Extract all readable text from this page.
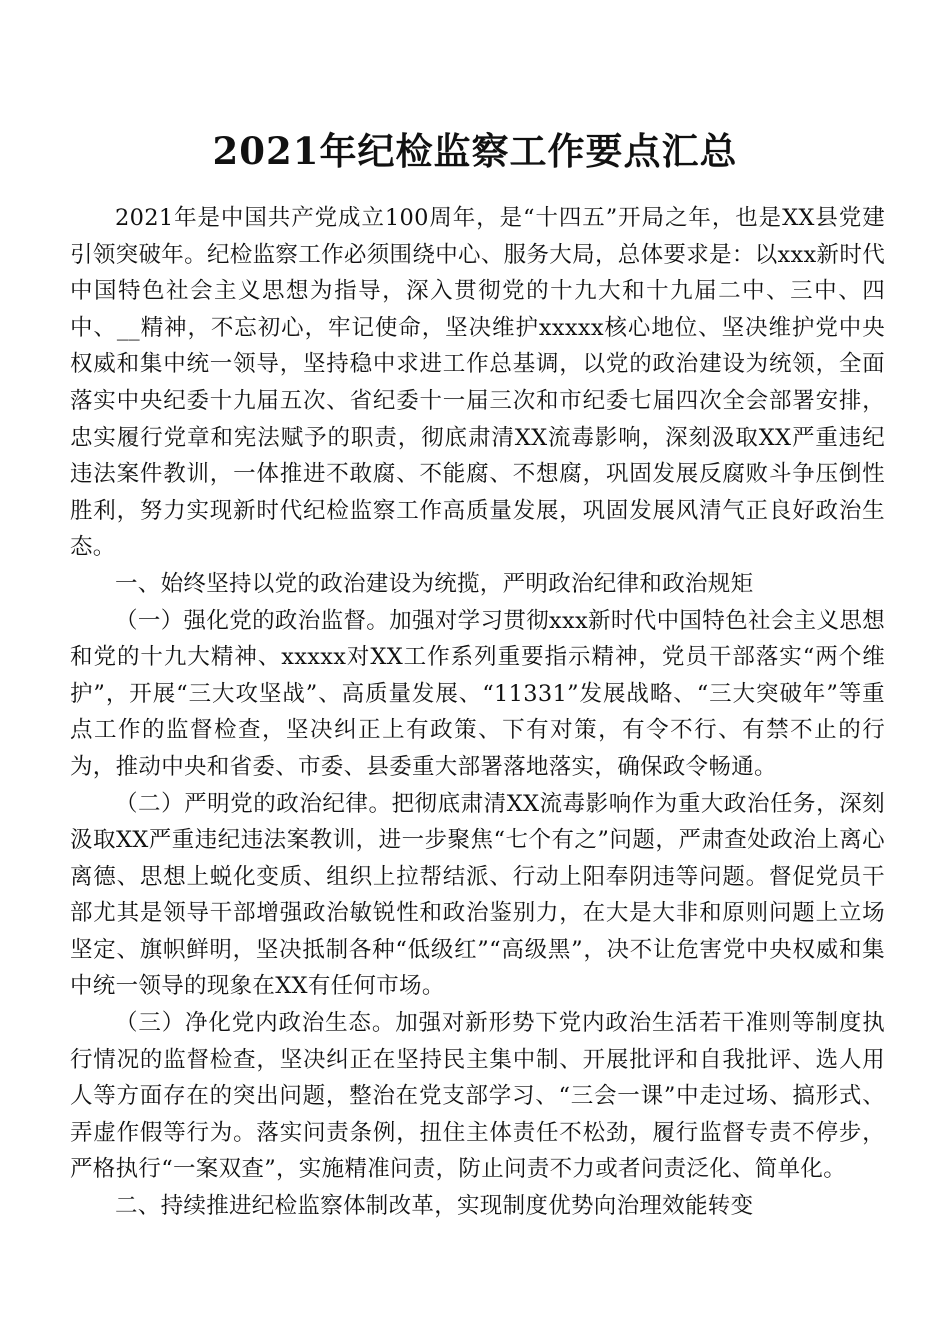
2021年纪检监察工作要点汇总

2021年是中国共产党成立100周年，是“十四五”开局之年，也是XX县党建引领突破年。纪检监察工作必须围绕中心、服务大局，总体要求是：以xxx新时代中国特色社会主义思想为指导，深入贯彻党的十九大和十九届二中、三中、四中、__精神，不忘初心，牢记使命，坚决维护xxxxx核心地位、坚决维护党中央权威和集中统一领导，坚持稳中求进工作总基调，以党的政治建设为统领，全面落实中央纪委十九届五次、省纪委十一届三次和市纪委七届四次全会部署安排，忠实履行党章和宪法赋予的职责，彻底肃清XX流毒影响，深刻汲取XX严重违纪违法案件教训，一体推进不敢腐、不能腐、不想腐，巩固发展反腐败斗争压倒性胜利，努力实现新时代纪检监察工作高质量发展，巩固发展风清气正良好政治生态。

一、始终坚持以党的政治建设为统揽，严明政治纪律和政治规矩

（一）强化党的政治监督。加强对学习贯彻xxx新时代中国特色社会主义思想和党的十九大精神、xxxxx对XX工作系列重要指示精神，党员干部落实“两个维护”，开展“三大攻坚战”、高质量发展、“11331”发展战略、“三大突破年”等重点工作的监督检查，坚决纠正上有政策、下有对策，有令不行、有禁不止的行为，推动中央和省委、市委、县委重大部署落地落实，确保政令畅通。

（二）严明党的政治纪律。把彻底肃清XX流毒影响作为重大政治任务，深刻汲取XX严重违纪违法案教训，进一步聚焦“七个有之”问题，严肃查处政治上离心离德、思想上蜕化变质、组织上拉帮结派、行动上阳奉阴违等问题。督促党员干部尤其是领导干部增强政治敏锐性和政治鉴别力，在大是大非和原则问题上立场坚定、旗帜鲜明，坚决抵制各种“低级红”“高级黑”，决不让危害党中央权威和集中统一领导的现象在XX有任何市场。

（三）净化党内政治生态。加强对新形势下党内政治生活若干准则等制度执行情况的监督检查，坚决纠正在坚持民主集中制、开展批评和自我批评、选人用人等方面存在的突出问题，整治在党支部学习、“三会一课”中走过场、搞形式、弄虚作假等行为。落实问责条例，扭住主体责任不松劲，履行监督专责不停步，严格执行“一案双查”，实施精准问责，防止问责不力或者问责泛化、简单化。

二、持续推进纪检监察体制改革，实现制度优势向治理效能转变
